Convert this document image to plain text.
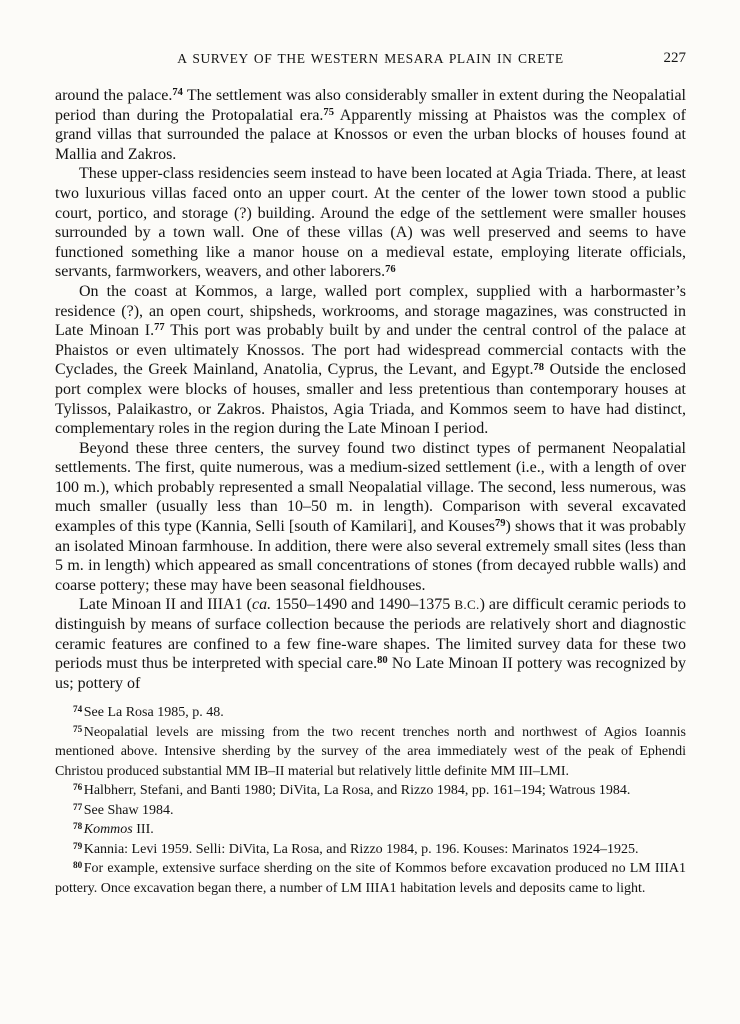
A SURVEY OF THE WESTERN MESARA PLAIN IN CRETE	227

around the palace.$^{74}$ The settlement was also considerably smaller in extent during the Neopalatial period than during the Protopalatial era.$^{75}$ Apparently missing at Phaistos was the complex of grand villas that surrounded the palace at Knossos or even the urban blocks of houses found at Mallia and Zakros.

These upper-class residencies seem instead to have been located at Agia Triada. There, at least two luxurious villas faced onto an upper court. At the center of the lower town stood a public court, portico, and storage (?) building. Around the edge of the settlement were smaller houses surrounded by a town wall. One of these villas (A) was well preserved and seems to have functioned something like a manor house on a medieval estate, employing literate officials, servants, farmworkers, weavers, and other laborers.$^{76}$

On the coast at Kommos, a large, walled port complex, supplied with a harbormaster’s residence (?), an open court, shipsheds, workrooms, and storage magazines, was constructed in Late Minoan I.$^{77}$ This port was probably built by and under the central control of the palace at Phaistos or even ultimately Knossos. The port had widespread commercial contacts with the Cyclades, the Greek Mainland, Anatolia, Cyprus, the Levant, and Egypt.$^{78}$ Outside the enclosed port complex were blocks of houses, smaller and less pretentious than contemporary houses at Tylissos, Palaikastro, or Zakros. Phaistos, Agia Triada, and Kommos seem to have had distinct, complementary roles in the region during the Late Minoan I period.

Beyond these three centers, the survey found two distinct types of permanent Neopalatial settlements. The first, quite numerous, was a medium-sized settlement (i.e., with a length of over 100 m.), which probably represented a small Neopalatial village. The second, less numerous, was much smaller (usually less than 10–50 m. in length). Comparison with several excavated examples of this type (Kannia, Selli [south of Kamilari], and Kouses$^{79}$) shows that it was probably an isolated Minoan farmhouse. In addition, there were also several extremely small sites (less than 5 m. in length) which appeared as small concentrations of stones (from decayed rubble walls) and coarse pottery; these may have been seasonal fieldhouses.

Late Minoan II and IIIA1 (ca. 1550–1490 and 1490–1375 B.C.) are difficult ceramic periods to distinguish by means of surface collection because the periods are relatively short and diagnostic ceramic features are confined to a few fine-ware shapes. The limited survey data for these two periods must thus be interpreted with special care.$^{80}$ No Late Minoan II pottery was recognized by us; pottery of

$^{74}$ See La Rosa 1985, p. 48.

$^{75}$ Neopalatial levels are missing from the two recent trenches north and northwest of Agios Ioannis mentioned above. Intensive sherding by the survey of the area immediately west of the peak of Ephendi Christou produced substantial MM IB–II material but relatively little definite MM III–LMI.

$^{76}$ Halbherr, Stefani, and Banti 1980; DiVita, La Rosa, and Rizzo 1984, pp. 161–194; Watrous 1984.

$^{77}$ See Shaw 1984.

$^{78}$ Kommos III.

$^{79}$ Kannia: Levi 1959. Selli: DiVita, La Rosa, and Rizzo 1984, p. 196. Kouses: Marinatos 1924–1925.

$^{80}$ For example, extensive surface sherding on the site of Kommos before excavation produced no LM IIIA1 pottery. Once excavation began there, a number of LM IIIA1 habitation levels and deposits came to light.
